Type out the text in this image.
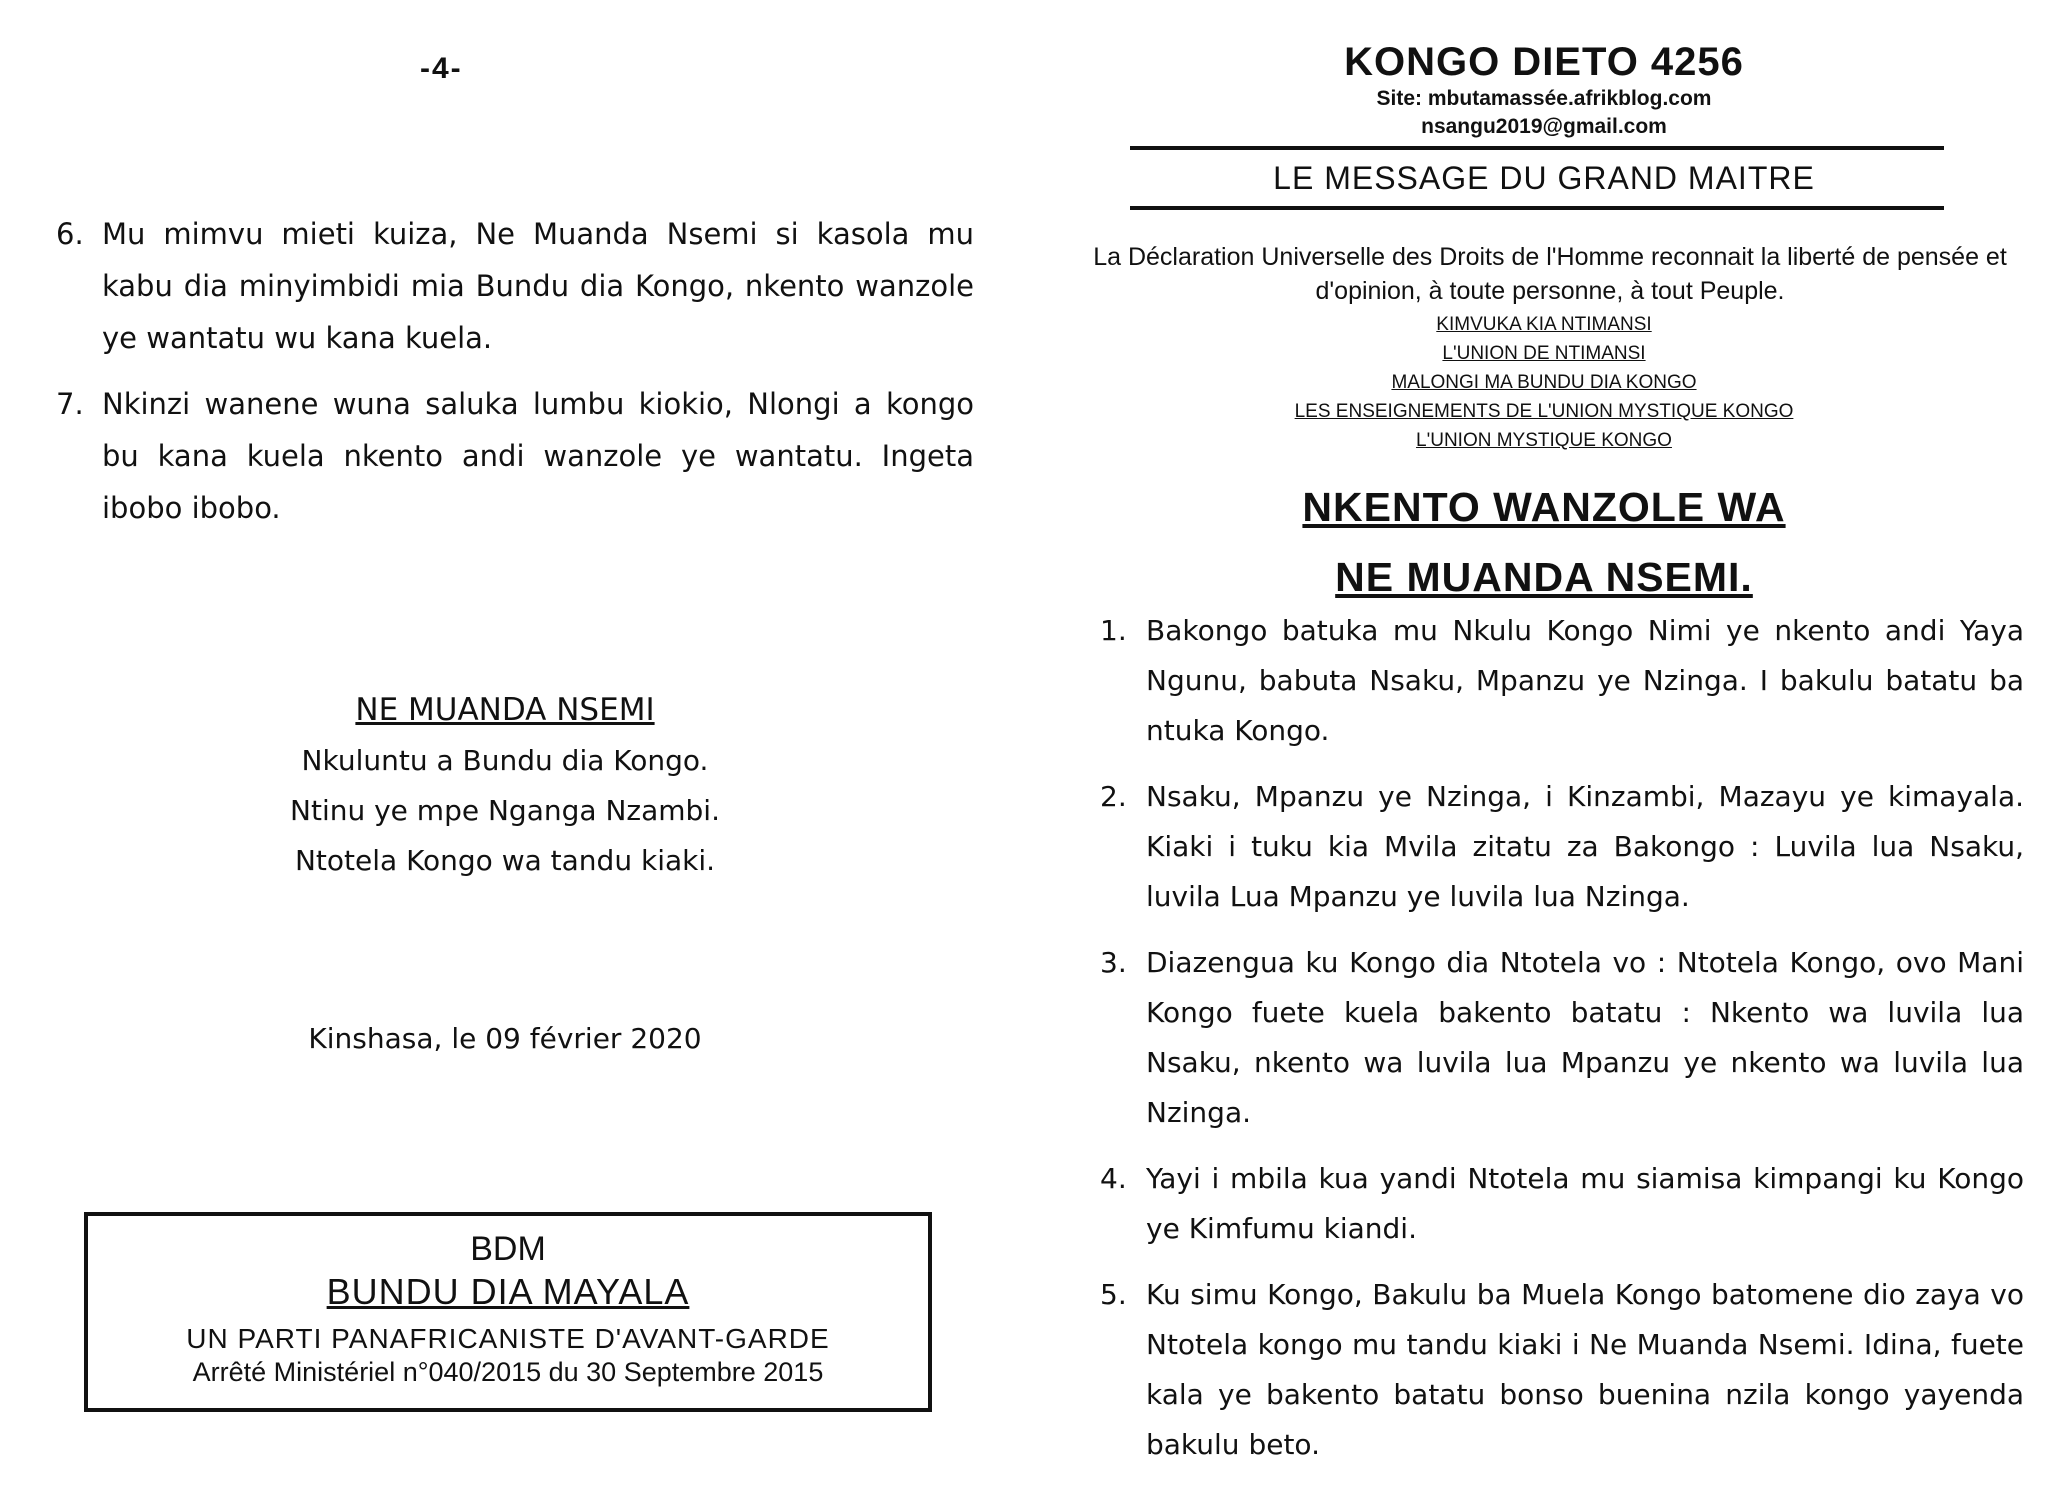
-4-
6. Mu mimvu mieti kuiza, Ne Muanda Nsemi si kasola mu kabu dia minyimbidi mia Bundu dia Kongo, nkento wanzole ye wantatu wu kana kuela.
7. Nkinzi wanene wuna saluka lumbu kiokio, Nlongi a kongo bu kana kuela nkento andi wanzole ye wantatu. Ingeta ibobo ibobo.
NE MUANDA NSEMI
Nkuluntu a Bundu dia Kongo.
Ntinu ye mpe Nganga Nzambi.
Ntotela Kongo wa tandu kiaki.
Kinshasa, le 09 février 2020
BDM
BUNDU DIA MAYALA
UN PARTI PANAFRICANISTE D'AVANT-GARDE
Arrêté Ministériel n°040/2015 du 30 Septembre 2015
KONGO DIETO 4256
Site: mbutamassée.afrikblog.com
nsangu2019@gmail.com
LE MESSAGE DU GRAND MAITRE
La Déclaration Universelle des Droits de l'Homme reconnait la liberté de pensée et d'opinion, à toute personne, à tout Peuple.
KIMVUKA KIA NTIMANSI
L'UNION DE NTIMANSI
MALONGI MA BUNDU DIA KONGO
LES ENSEIGNEMENTS DE L'UNION MYSTIQUE KONGO
L'UNION MYSTIQUE KONGO
NKENTO WANZOLE WA
NE MUANDA NSEMI.
1. Bakongo batuka mu Nkulu Kongo Nimi ye nkento andi Yaya Ngunu, babuta Nsaku, Mpanzu ye Nzinga. I bakulu batatu ba ntuka Kongo.
2. Nsaku, Mpanzu ye Nzinga, i Kinzambi, Mazayu ye kimayala. Kiaki i tuku kia Mvila zitatu za Bakongo : Luvila lua Nsaku, luvila Lua Mpanzu ye luvila lua Nzinga.
3. Diazengua ku Kongo dia Ntotela vo : Ntotela Kongo, ovo Mani Kongo fuete kuela bakento batatu : Nkento wa luvila lua Nsaku, nkento wa luvila lua Mpanzu ye nkento wa luvila lua Nzinga.
4. Yayi i mbila kua yandi Ntotela mu siamisa kimpangi ku Kongo ye Kimfumu kiandi.
5. Ku simu Kongo, Bakulu ba Muela Kongo batomene dio zaya vo Ntotela kongo mu tandu kiaki i Ne Muanda Nsemi. Idina, fuete kala ye bakento batatu bonso buenina nzila kongo yayenda bakulu beto.
